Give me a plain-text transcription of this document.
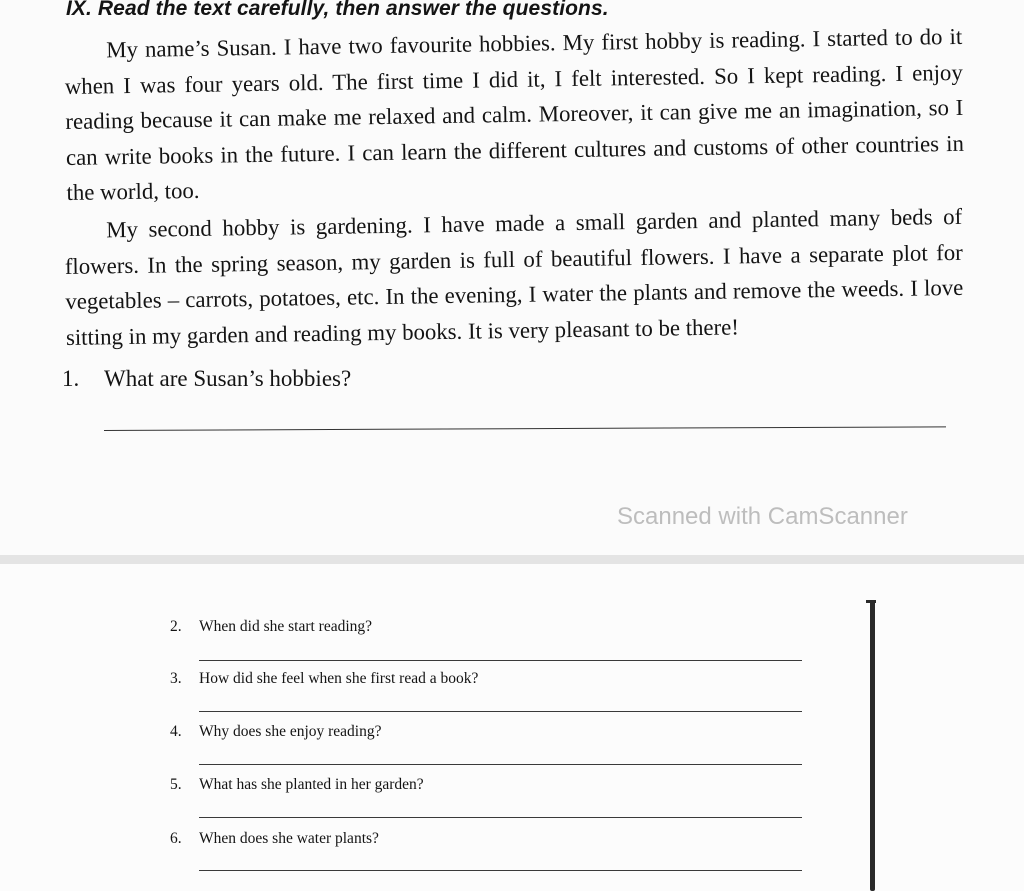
IX. Read the text carefully, then answer the questions.

My name’s Susan. I have two favourite hobbies. My first hobby is reading. I started to do it when I was four years old. The first time I did it, I felt interested. So I kept reading. I enjoy reading because it can make me relaxed and calm. Moreover, it can give me an imagination, so I can write books in the future. I can learn the different cultures and customs of other countries in the world, too.

My second hobby is gardening. I have made a small garden and planted many beds of flowers. In the spring season, my garden is full of beautiful flowers. I have a separate plot for vegetables – carrots, potatoes, etc. In the evening, I water the plants and remove the weeds. I love sitting in my garden and reading my books. It is very pleasant to be there!

1. What are Susan’s hobbies?
Scanned with CamScanner
2. When did she start reading?
3. How did she feel when she first read a book?
4. Why does she enjoy reading?
5. What has she planted in her garden?
6. When does she water plants?
